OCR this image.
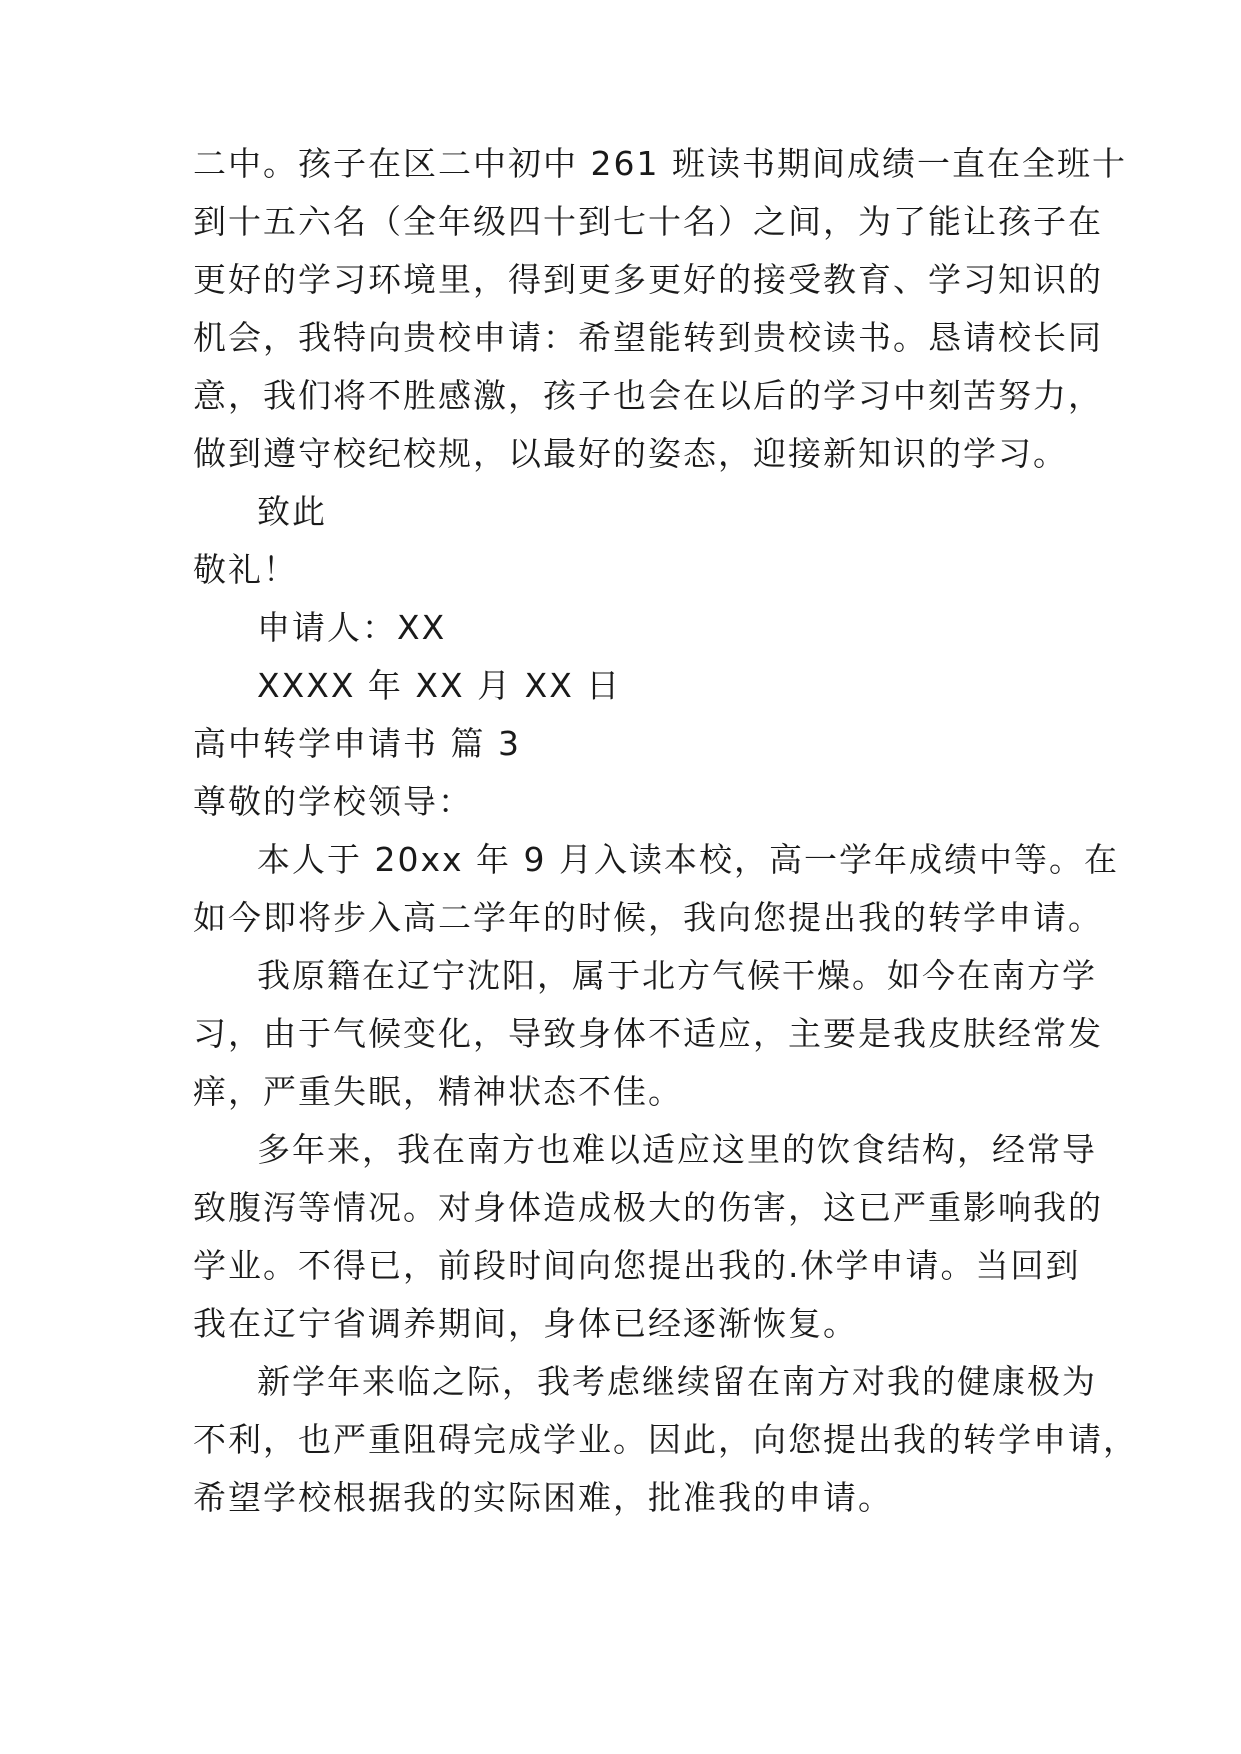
二中。孩子在区二中初中 261 班读书期间成绩一直在全班十
到十五六名（全年级四十到七十名）之间，为了能让孩子在
更好的学习环境里，得到更多更好的接受教育、学习知识的
机会，我特向贵校申请：希望能转到贵校读书。恳请校长同
意，我们将不胜感激，孩子也会在以后的学习中刻苦努力，
做到遵守校纪校规，以最好的姿态，迎接新知识的学习。
致此
敬礼！
申请人：XX
XXXX 年 XX 月 XX 日
高中转学申请书 篇 3
尊敬的学校领导：
本人于 20xx 年 9 月入读本校，高一学年成绩中等。在
如今即将步入高二学年的时候，我向您提出我的转学申请。
我原籍在辽宁沈阳，属于北方气候干燥。如今在南方学
习，由于气候变化，导致身体不适应，主要是我皮肤经常发
痒，严重失眠，精神状态不佳。
多年来，我在南方也难以适应这里的饮食结构，经常导
致腹泻等情况。对身体造成极大的伤害，这已严重影响我的
学业。不得已，前段时间向您提出我的.休学申请。当回到
我在辽宁省调养期间，身体已经逐渐恢复。
新学年来临之际，我考虑继续留在南方对我的健康极为
不利，也严重阻碍完成学业。因此，向您提出我的转学申请，
希望学校根据我的实际困难，批准我的申请。
